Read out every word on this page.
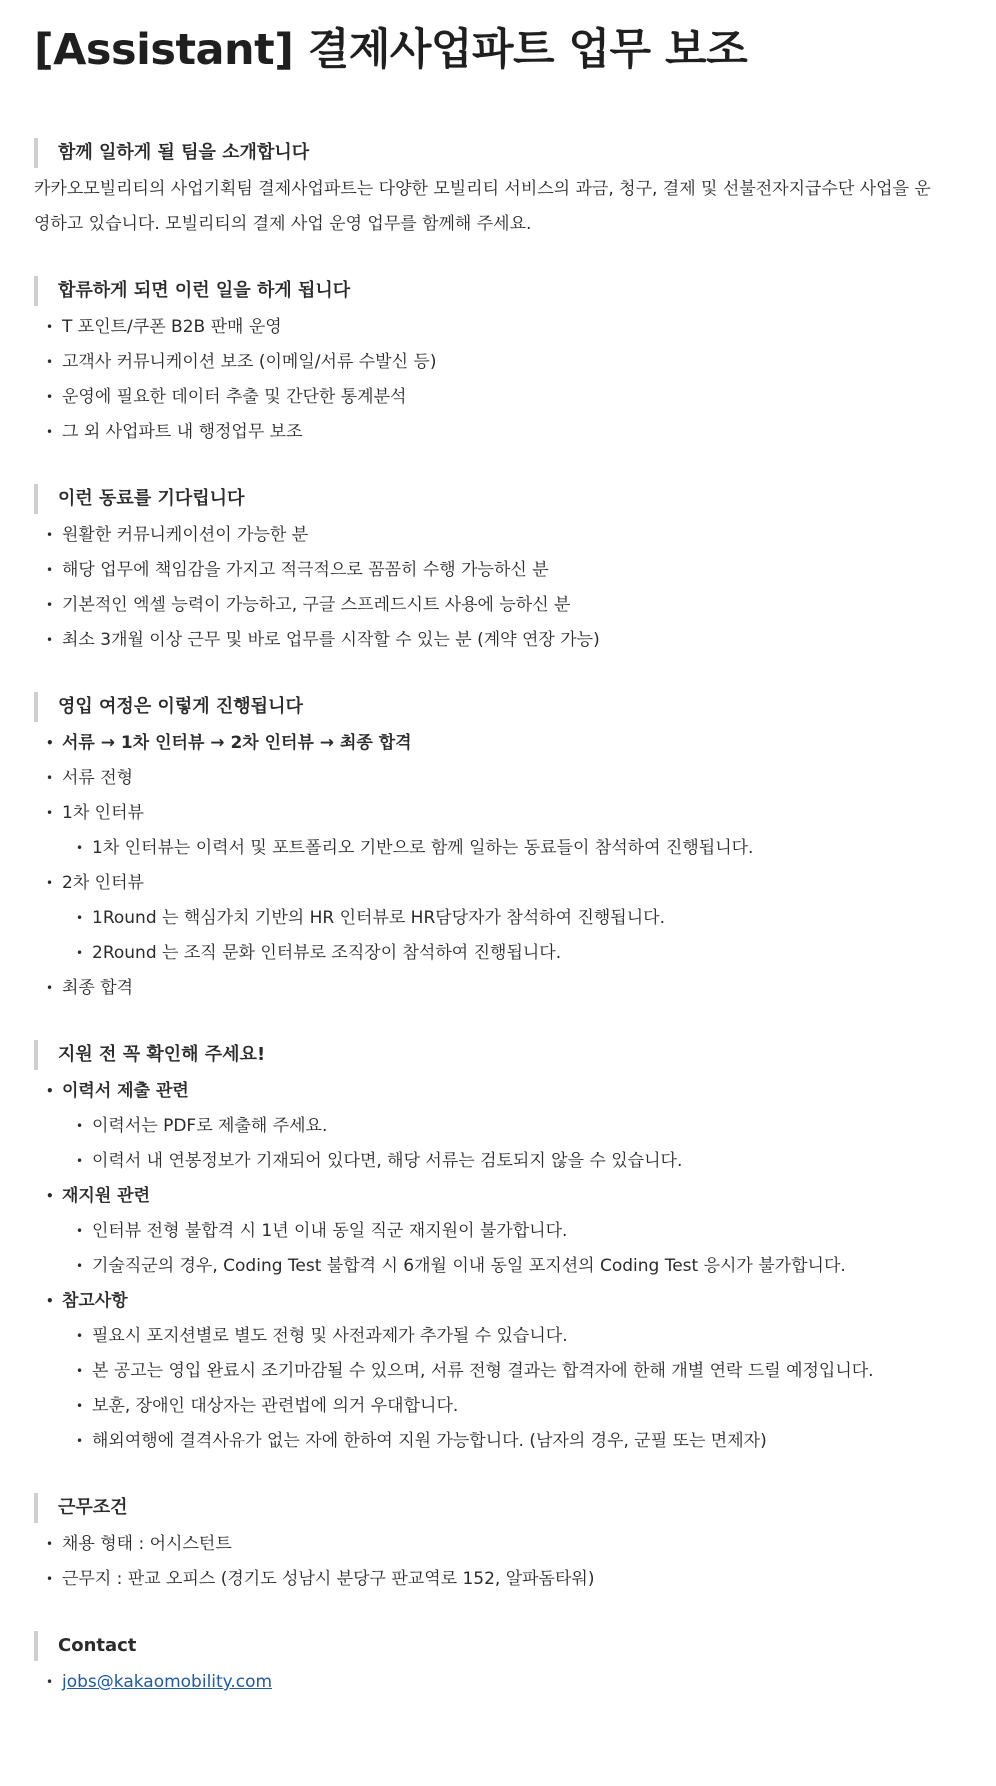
[Assistant] 결제사업파트 업무 보조
함께 일하게 될 팀을 소개합니다

카카오모빌리티의 사업기획팀 결제사업파트는 다양한 모빌리티 서비스의 과금, 청구, 결제 및 선불전자지급수단 사업을 운

영하고 있습니다. 모빌리티의 결제 사업 운영 업무를 함께해 주세요.

합류하게 되면 이런 일을 하게 됩니다
• T 포인트/쿠폰 B2B 판매 운영
• 고객사 커뮤니케이션 보조 (이메일/서류 수발신 등)
• 운영에 필요한 데이터 추출 및 간단한 통계분석
• 그 외 사업파트 내 행정업무 보조
이런 동료를 기다립니다
• 원활한 커뮤니케이션이 가능한 분
• 해당 업무에 책임감을 가지고 적극적으로 꼼꼼히 수행 가능하신 분
• 기본적인 엑셀 능력이 가능하고, 구글 스프레드시트 사용에 능하신 분
• 최소 3개월 이상 근무 및 바로 업무를 시작할 수 있는 분 (계약 연장 가능)
영입 여정은 이렇게 진행됩니다
• 서류 → 1차 인터뷰 → 2차 인터뷰 → 최종 합격
• 서류 전형
• 1차 인터뷰
• 1차 인터뷰는 이력서 및 포트폴리오 기반으로 함께 일하는 동료들이 참석하여 진행됩니다.
• 2차 인터뷰
• 1Round 는 핵심가치 기반의 HR 인터뷰로 HR담당자가 참석하여 진행됩니다.
• 2Round 는 조직 문화 인터뷰로 조직장이 참석하여 진행됩니다.
• 최종 합격
지원 전 꼭 확인해 주세요!
• 이력서 제출 관련
• 이력서는 PDF로 제출해 주세요.
• 이력서 내 연봉정보가 기재되어 있다면, 해당 서류는 검토되지 않을 수 있습니다.
• 재지원 관련
• 인터뷰 전형 불합격 시 1년 이내 동일 직군 재지원이 불가합니다.
• 기술직군의 경우, Coding Test 불합격 시 6개월 이내 동일 포지션의 Coding Test 응시가 불가합니다.
• 참고사항
• 필요시 포지션별로 별도 전형 및 사전과제가 추가될 수 있습니다.
• 본 공고는 영입 완료시 조기마감될 수 있으며, 서류 전형 결과는 합격자에 한해 개별 연락 드릴 예정입니다.
• 보훈, 장애인 대상자는 관련법에 의거 우대합니다.
• 해외여행에 결격사유가 없는 자에 한하여 지원 가능합니다. (남자의 경우, 군필 또는 면제자)
근무조건
• 채용 형태 : 어시스턴트
• 근무지 : 판교 오피스 (경기도 성남시 분당구 판교역로 152, 알파돔타워)
Contact
• jobs@kakaomobility.com
